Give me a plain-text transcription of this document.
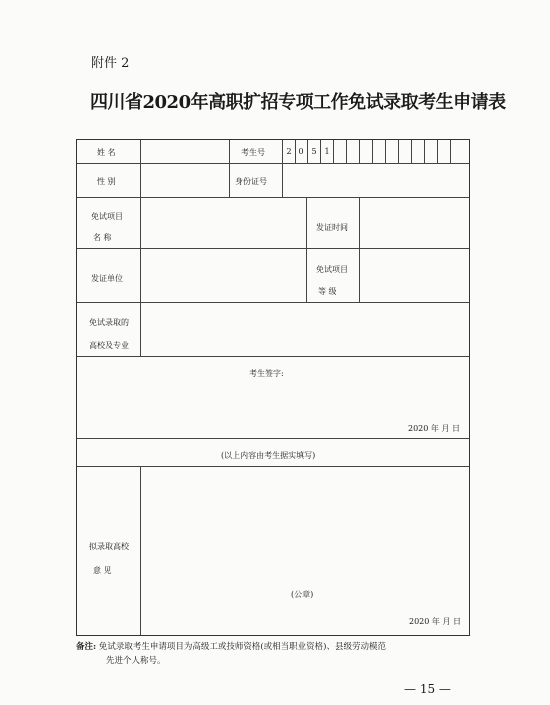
附件 2
四川省2020年高职扩招专项工作免试录取考生申请表
2 0 5 1
姓 名	考生号
性 别	身份证号
免试项目
名 称
发证时间
发证单位
免试项目
等 级
免试录取的
高校及专业
考生签字:
2020 年 月 日
(以上内容由考生据实填写)
拟录取高校
意 见
(公章)
2020 年 月 日
备注: 免试录取考生申请项目为高级工或技师资格(或相当职业资格)、县级劳动模范
先进个人称号。
— 15 —
